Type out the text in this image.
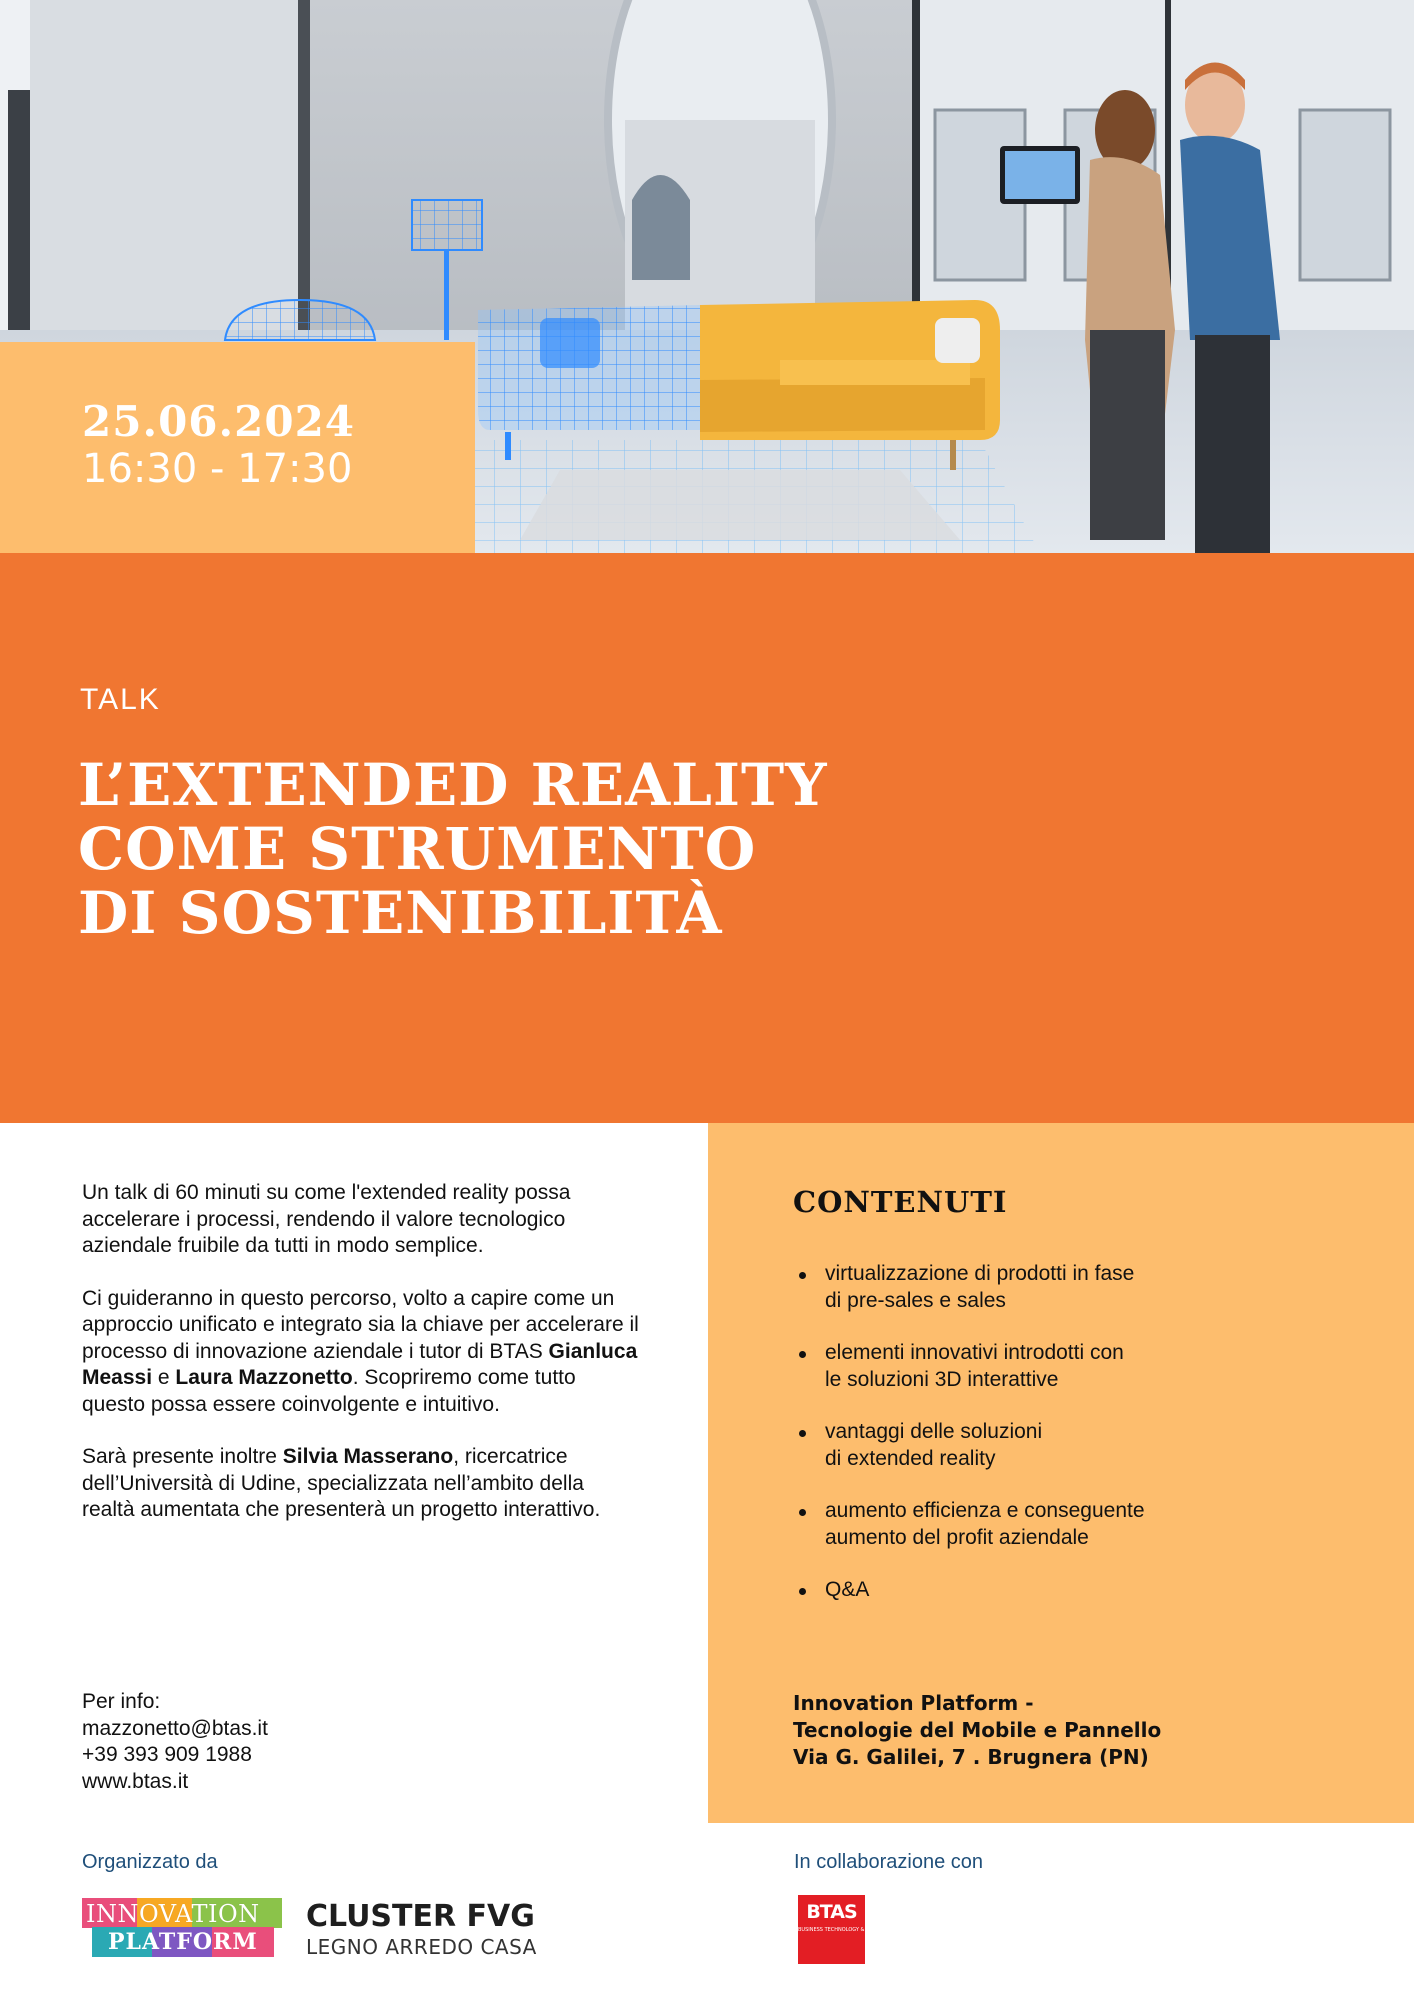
25.06.2024
16:30 - 17:30
TALK
L’EXTENDED REALITY
COME STRUMENTO
DI SOSTENIBILITÀ

Un talk di 60 minuti su come l'extended reality possa accelerare i processi, rendendo il valore tecnologico aziendale fruibile da tutti in modo semplice.

Ci guideranno in questo percorso, volto a capire come un approccio unificato e integrato sia la chiave per accelerare il processo di innovazione aziendale i tutor di BTAS Gianluca Meassi e Laura Mazzonetto. Scopriremo come tutto questo possa essere coinvolgente e intuitivo.

Sarà presente inoltre Silvia Masserano, ricercatrice dell’Università di Udine, specializzata nell’ambito della realtà aumentata che presenterà un progetto interattivo.

Per info:
mazzonetto@btas.it
+39 393 909 1988
www.btas.it
CONTENUTI
virtualizzazione di prodotti in fase
di pre-sales e sales
elementi innovativi introdotti con
le soluzioni 3D interattive
vantaggi delle soluzioni
di extended reality
aumento efficienza e conseguente
aumento del profit aziendale
Q&A
Innovation Platform -
Tecnologie del Mobile e Pannello
Via G. Galilei, 7 . Brugnera (PN)
Organizzato da	In collaborazione con
INNOVATION
PLATFORM
CLUSTER FVG
LEGNO ARREDO CASA
BTAS
BUSINESS TECHNOLOGY & SERVICE
